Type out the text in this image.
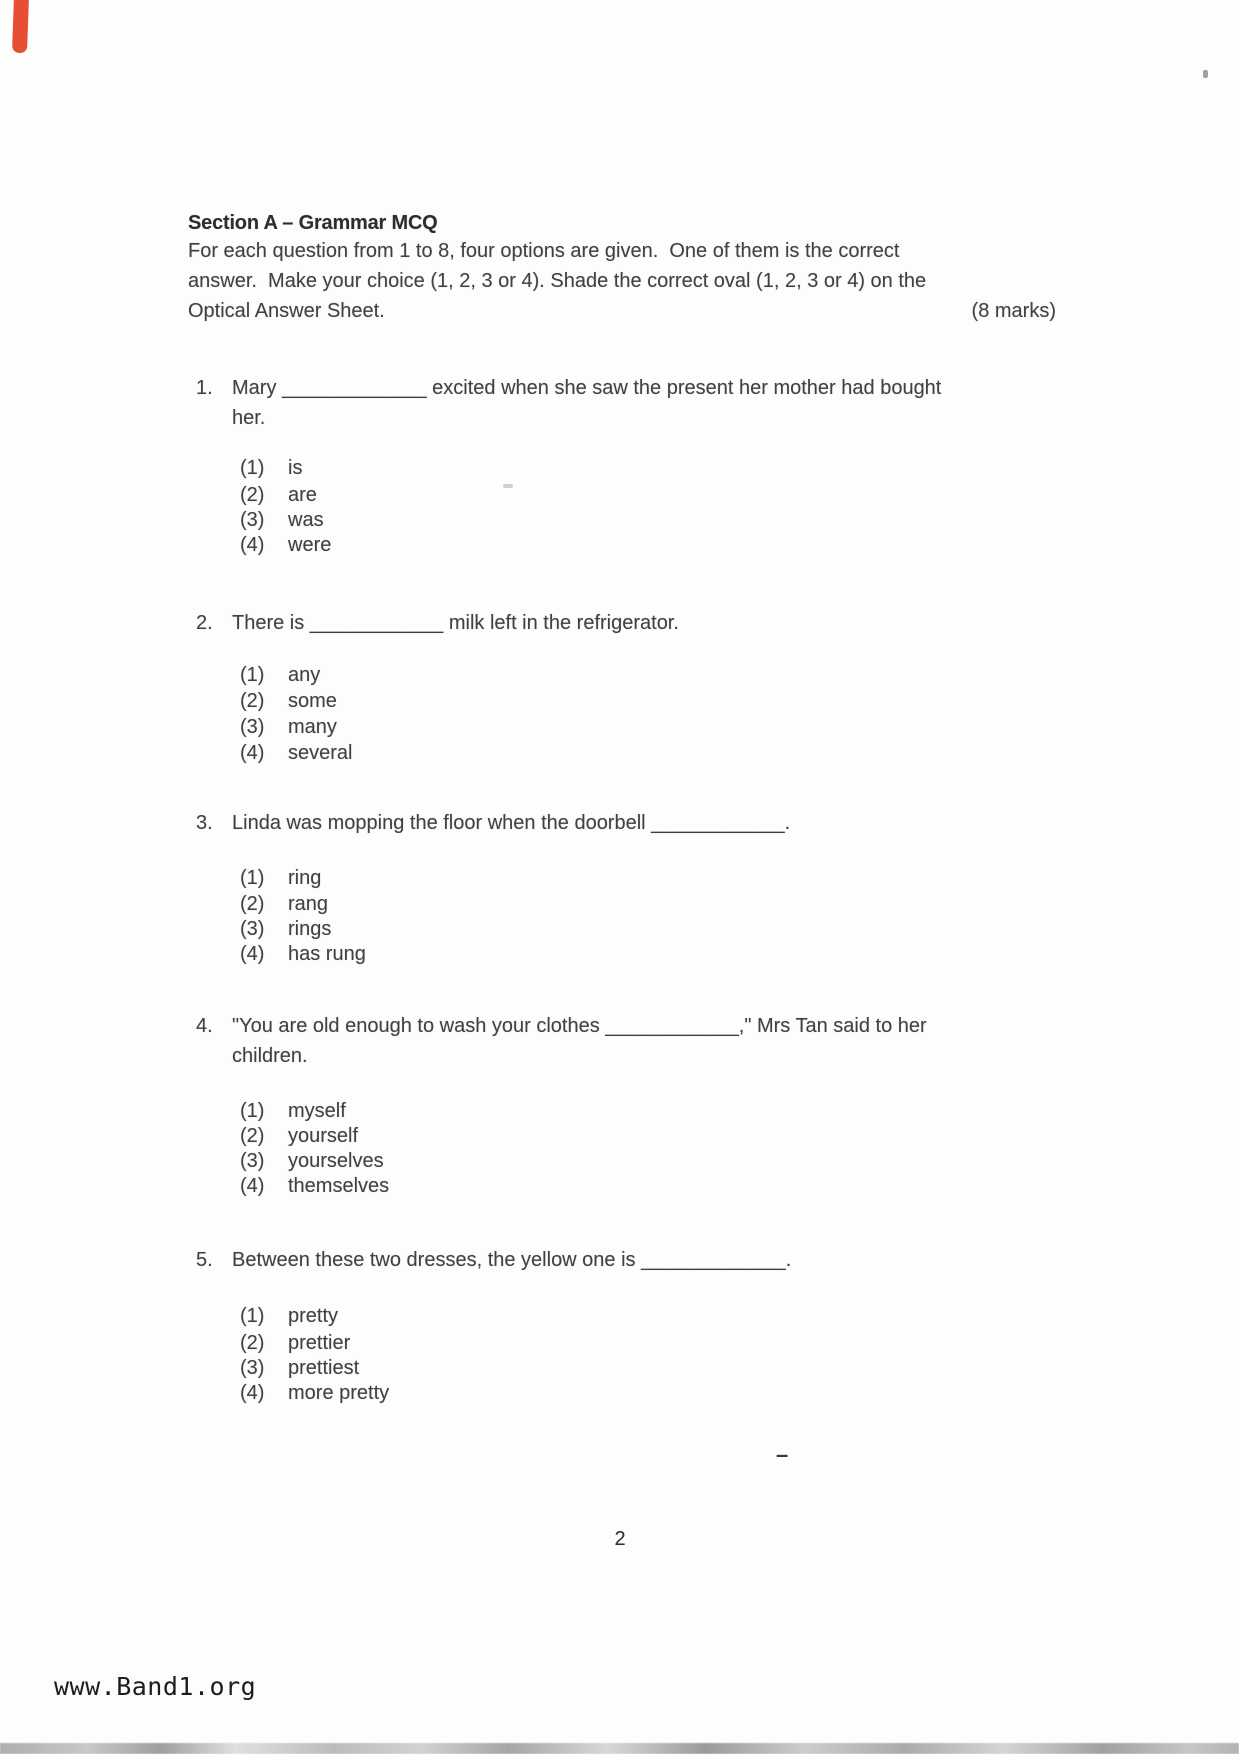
Section A – Grammar MCQ
For each question from 1 to 8, four options are given.  One of them is the correct
answer.  Make your choice (1, 2, 3 or 4). Shade the correct oval (1, 2, 3 or 4) on the
Optical Answer Sheet.	(8 marks)
1. Mary _____________ excited when she saw the present her mother had bought
her.
(1) is
(2) are
(3) was
(4) were
2. There is ____________ milk left in the refrigerator.
(1) any
(2) some
(3) many
(4) several
3. Linda was mopping the floor when the doorbell ____________.
(1) ring
(2) rang
(3) rings
(4) has rung
4. "You are old enough to wash your clothes ____________," Mrs Tan said to her
children.
(1) myself
(2) yourself
(3) yourselves
(4) themselves
5. Between these two dresses, the yellow one is _____________.
(1) pretty
(2) prettier
(3) prettiest
(4) more pretty
–
2
www.Band1.org
